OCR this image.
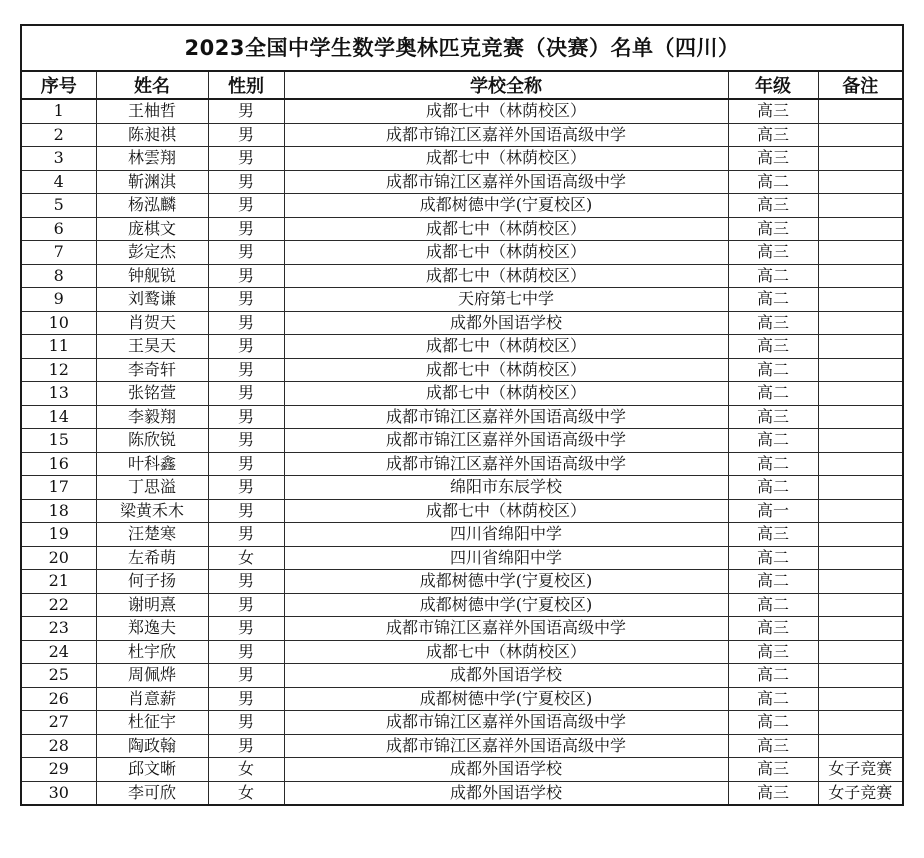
2023全国中学生数学奥林匹克竞赛（决赛）名单（四川）
序号	姓名	性别	学校全称	年级	备注
1	王柚哲	男	成都七中（林荫校区）	高三	
2	陈昶祺	男	成都市锦江区嘉祥外国语高级中学	高三	
3	林雲翔	男	成都七中（林荫校区）	高三	
4	靳渊淇	男	成都市锦江区嘉祥外国语高级中学	高二	
5	杨泓麟	男	成都树德中学(宁夏校区)	高三	
6	庞棋文	男	成都七中（林荫校区）	高三	
7	彭定杰	男	成都七中（林荫校区）	高三	
8	钟舰锐	男	成都七中（林荫校区）	高二	
9	刘鹜谦	男	天府第七中学	高二	
10	肖贺天	男	成都外国语学校	高三	
11	王昊天	男	成都七中（林荫校区）	高三	
12	李奇轩	男	成都七中（林荫校区）	高二	
13	张铭萱	男	成都七中（林荫校区）	高二	
14	李毅翔	男	成都市锦江区嘉祥外国语高级中学	高三	
15	陈欣锐	男	成都市锦江区嘉祥外国语高级中学	高二	
16	叶科鑫	男	成都市锦江区嘉祥外国语高级中学	高二	
17	丁思溢	男	绵阳市东辰学校	高二	
18	梁黄禾木	男	成都七中（林荫校区）	高一	
19	汪楚寒	男	四川省绵阳中学	高三	
20	左希萌	女	四川省绵阳中学	高二	
21	何子扬	男	成都树德中学(宁夏校区)	高二	
22	谢明熹	男	成都树德中学(宁夏校区)	高二	
23	郑逸夫	男	成都市锦江区嘉祥外国语高级中学	高三	
24	杜宇欣	男	成都七中（林荫校区）	高三	
25	周佩烨	男	成都外国语学校	高二	
26	肖意薪	男	成都树德中学(宁夏校区)	高二	
27	杜征宇	男	成都市锦江区嘉祥外国语高级中学	高二	
28	陶政翰	男	成都市锦江区嘉祥外国语高级中学	高三	
29	邱文晰	女	成都外国语学校	高三	女子竞赛
30	李可欣	女	成都外国语学校	高三	女子竞赛
